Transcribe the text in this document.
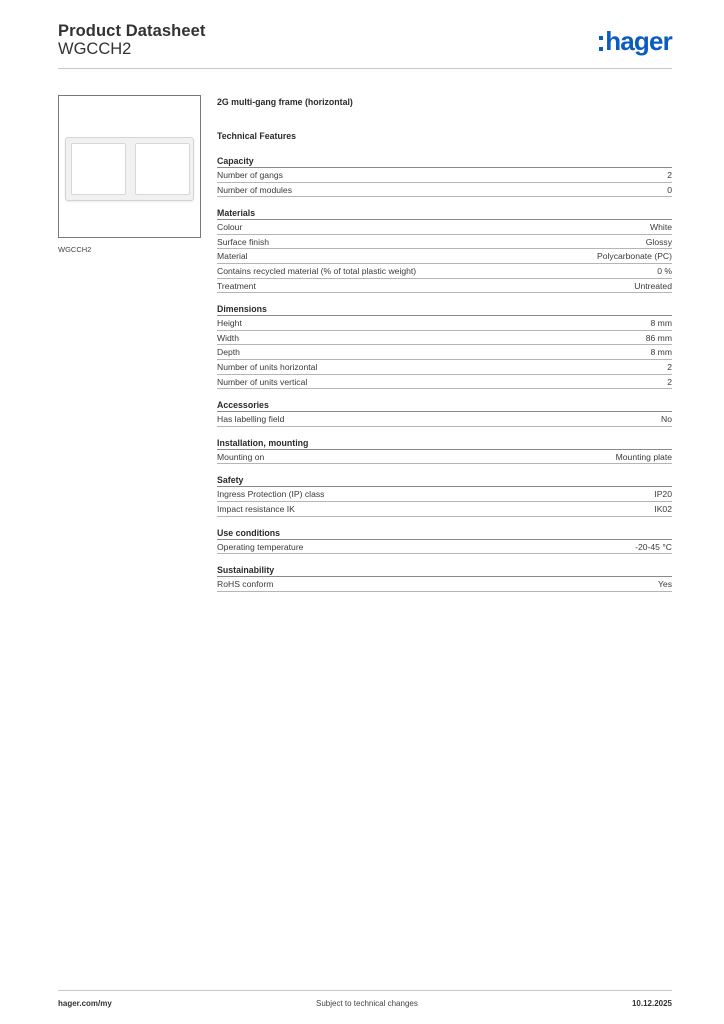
Product Datasheet
WGCCH2	hager
WGCCH2
2G multi-gang frame (horizontal)
Technical Features
Capacity
Number of gangs	2
Number of modules	0
Materials
Colour	White
Surface finish	Glossy
Material	Polycarbonate (PC)
Contains recycled material (% of total plastic weight)	0 %
Treatment	Untreated
Dimensions
Height	8 mm
Width	86 mm
Depth	8 mm
Number of units horizontal	2
Number of units vertical	2
Accessories
Has labelling field	No
Installation, mounting
Mounting on	Mounting plate
Safety
Ingress Protection (IP) class	IP20
Impact resistance IK	IK02
Use conditions
Operating temperature	-20-45 °C
Sustainability
RoHS conform	Yes
hager.com/my	Subject to technical changes	10.12.2025
